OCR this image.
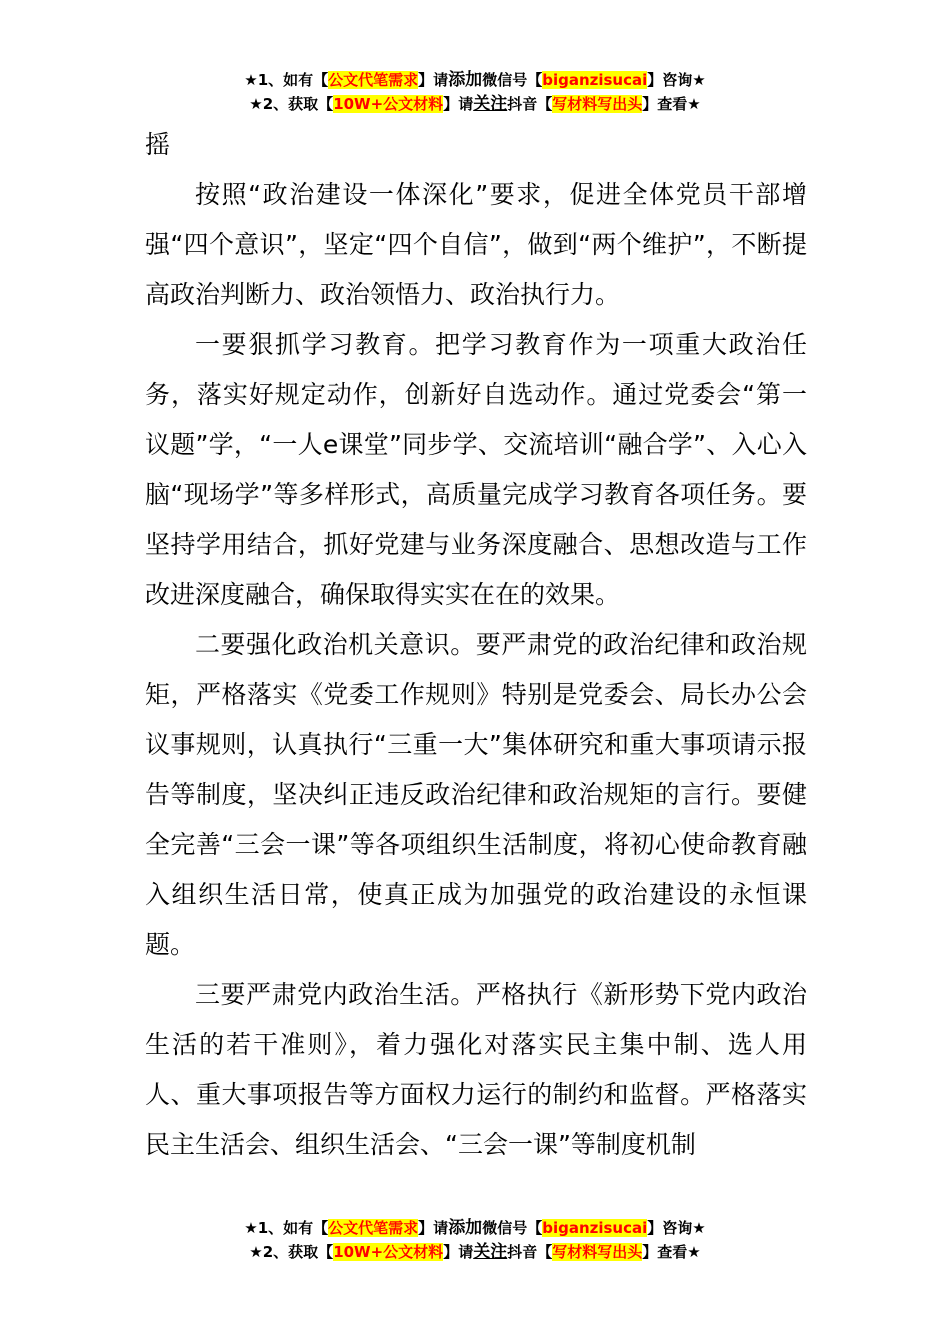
★1、如有【公文代笔需求】请添加微信号【biganzisucai】咨询★
★2、获取【10W+公文材料】请关注抖音【写材料写出头】查看★

摇

按照“政治建设一体深化”要求，促进全体党员干部增强“四个意识”，坚定“四个自信”，做到“两个维护”，不断提高政治判断力、政治领悟力、政治执行力。

一要狠抓学习教育。把学习教育作为一项重大政治任务，落实好规定动作，创新好自选动作。通过党委会“第一议题”学，“一人e课堂”同步学、交流培训“融合学”、入心入脑“现场学”等多样形式，高质量完成学习教育各项任务。要坚持学用结合，抓好党建与业务深度融合、思想改造与工作改进深度融合，确保取得实实在在的效果。

二要强化政治机关意识。要严肃党的政治纪律和政治规矩，严格落实《党委工作规则》特别是党委会、局长办公会议事规则，认真执行“三重一大”集体研究和重大事项请示报告等制度，坚决纠正违反政治纪律和政治规矩的言行。要健全完善“三会一课”等各项组织生活制度，将初心使命教育融入组织生活日常，使真正成为加强党的政治建设的永恒课题。

三要严肃党内政治生活。严格执行《新形势下党内政治生活的若干准则》，着力强化对落实民主集中制、选人用人、重大事项报告等方面权力运行的制约和监督。严格落实民主生活会、组织生活会、“三会一课”等制度机制

★1、如有【公文代笔需求】请添加微信号【biganzisucai】咨询★
★2、获取【10W+公文材料】请关注抖音【写材料写出头】查看★
